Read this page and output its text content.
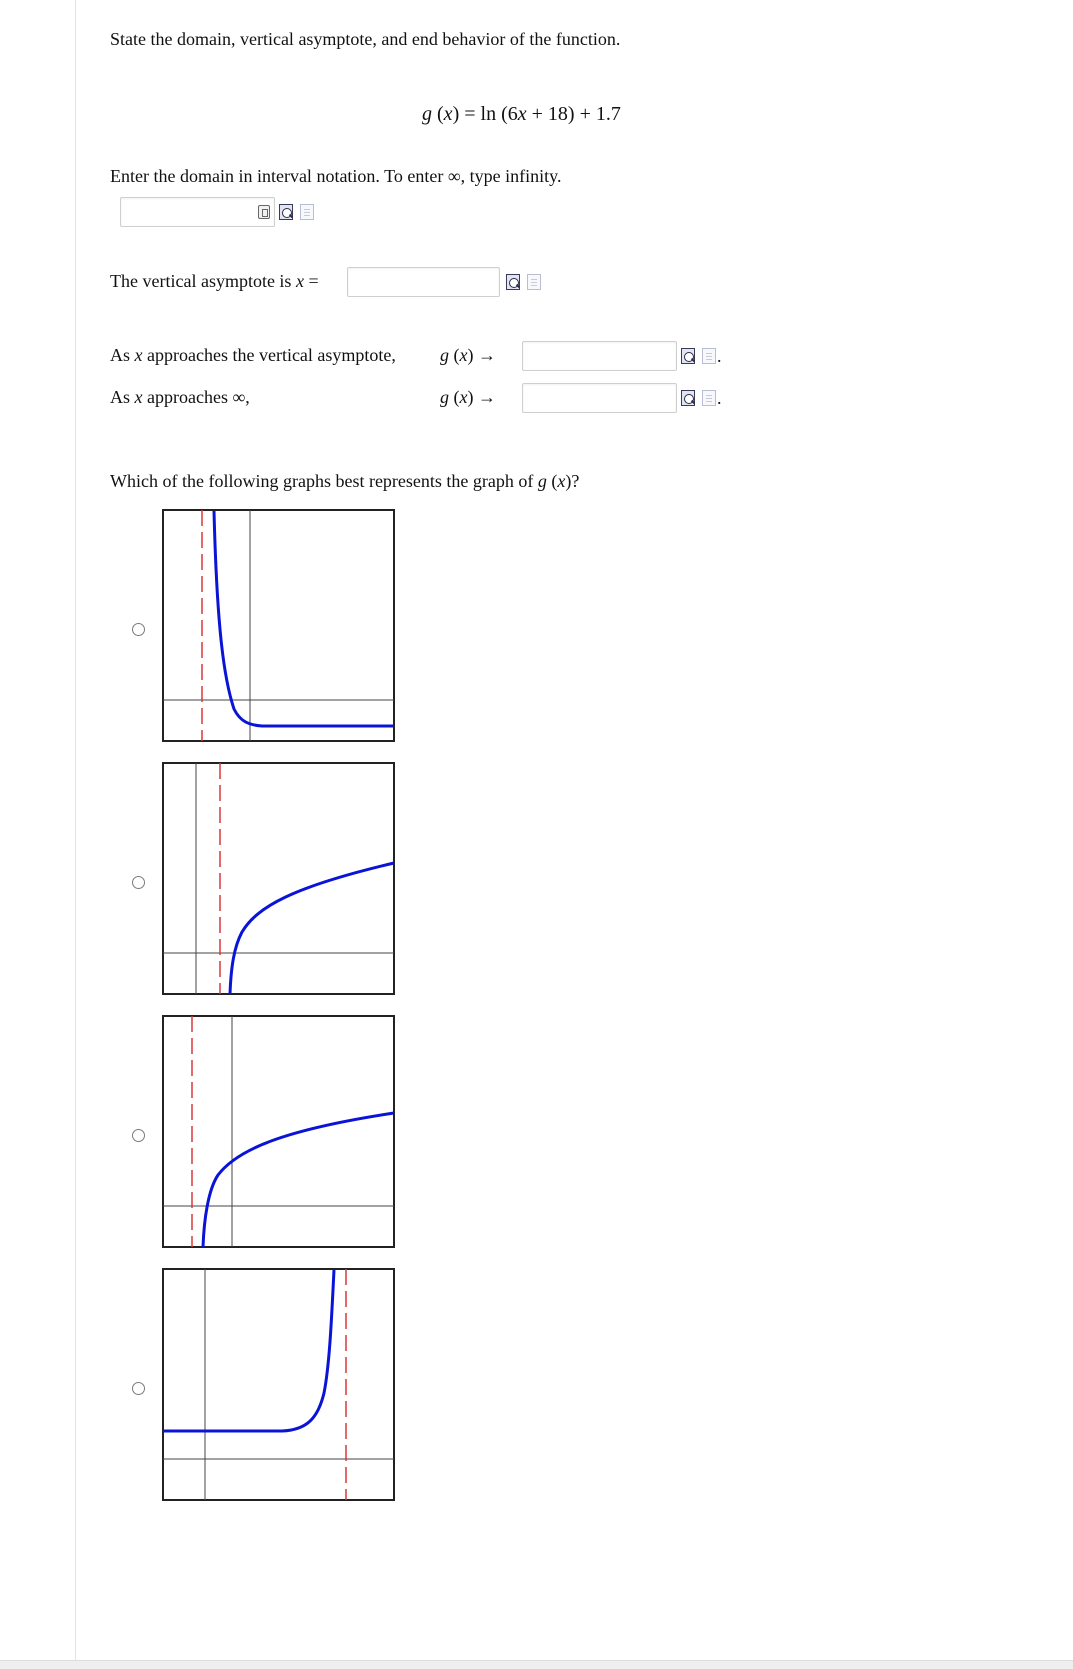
State the domain, vertical asymptote, and end behavior of the function.
g (x) = ln (6x + 18) + 1.7
Enter the domain in interval notation. To enter ∞, type infinity.
The vertical asymptote is x =
As x approaches the vertical asymptote, g (x) →	.
As x approaches ∞,	g (x) →	.
Which of the following graphs best represents the graph of g (x)?
